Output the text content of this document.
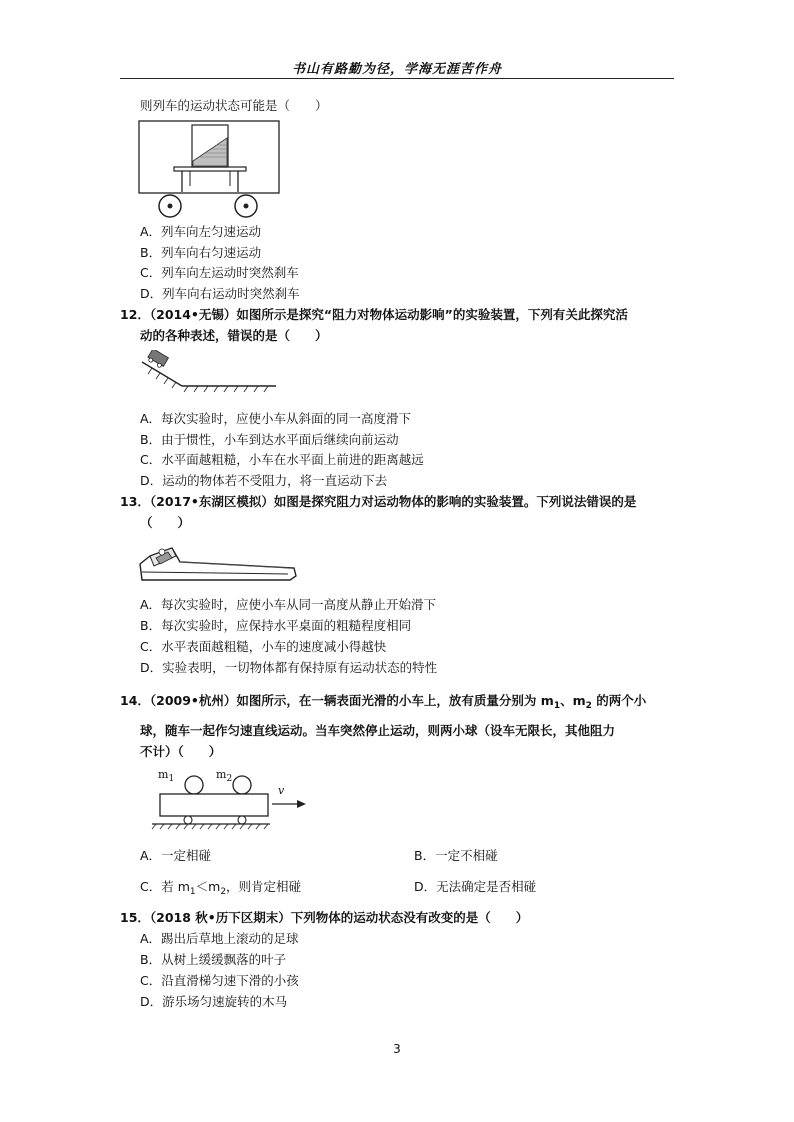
书山有路勤为径，学海无涯苦作舟
则列车的运动状态可能是（　　）
A．列车向左匀速运动
B．列车向右匀速运动
C．列车向左运动时突然刹车
D．列车向右运动时突然刹车
12．（2014•无锡）如图所示是探究“阻力对物体运动影响”的实验装置，下列有关此探究活
动的各种表述，错误的是（　　）
A．每次实验时，应使小车从斜面的同一高度滑下
B．由于惯性，小车到达水平面后继续向前运动
C．水平面越粗糙，小车在水平面上前进的距离越远
D．运动的物体若不受阻力，将一直运动下去
13．（2017•东湖区模拟）如图是探究阻力对运动物体的影响的实验装置。下列说法错误的是
（　　）
A．每次实验时，应使小车从同一高度从静止开始滑下
B．每次实验时，应保持水平桌面的粗糙程度相同
C．水平表面越粗糙，小车的速度减小得越快
D．实验表明，一切物体都有保持原有运动状态的特性
14．（2009•杭州）如图所示，在一辆表面光滑的小车上，放有质量分别为 $m_1$、$m_2$ 的两个小
球，随车一起作匀速直线运动。当车突然停止运动，则两小球（设车无限长，其他阻力
不计）（　　）
$m_1$	$m_2$
v
A．一定相碰	B．一定不相碰
C．若 $m_1<m_2$，则肯定相碰	D．无法确定是否相碰
15．（2018 秋•历下区期末）下列物体的运动状态没有改变的是（　　）
A．踢出后草地上滚动的足球
B．从树上缓缓飘落的叶子
C．沿直滑梯匀速下滑的小孩
D．游乐场匀速旋转的木马
3
